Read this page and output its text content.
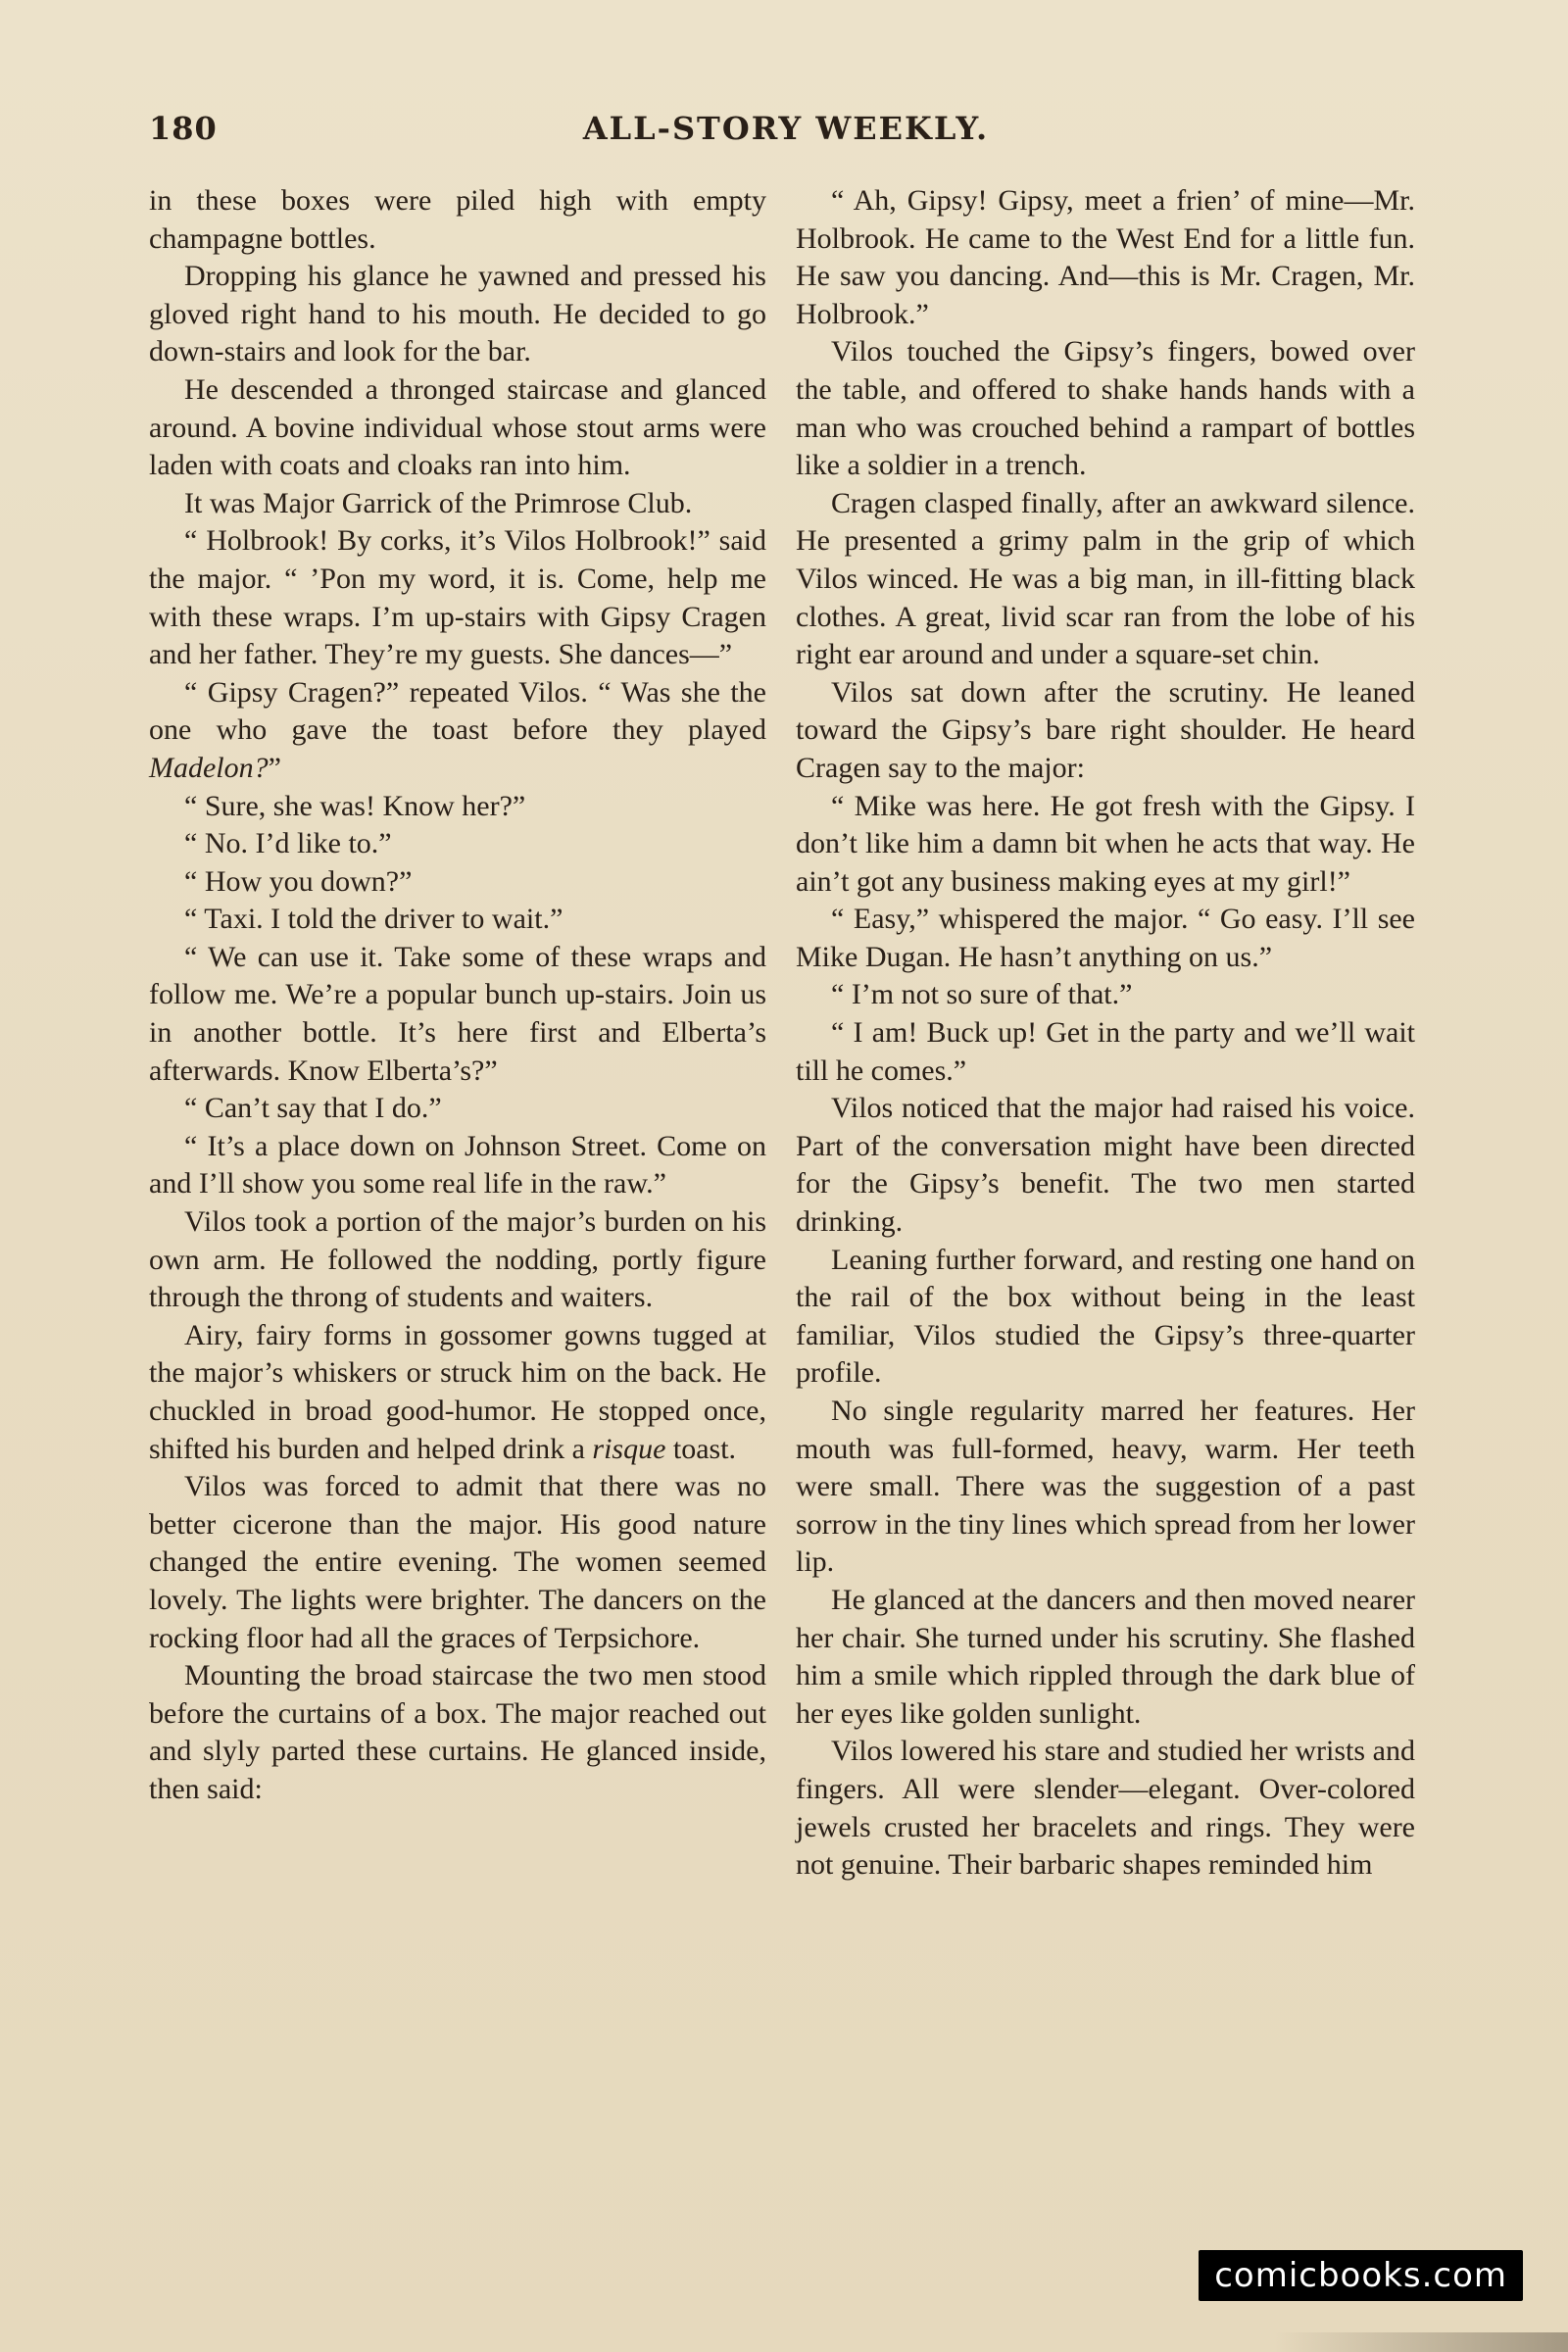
180	ALL-STORY WEEKLY.

in these boxes were piled high with empty champagne bottles.

Dropping his glance he yawned and pressed his gloved right hand to his mouth. He decided to go down-stairs and look for the bar.

He descended a thronged staircase and glanced around. A bovine individual whose stout arms were laden with coats and cloaks ran into him.

It was Major Garrick of the Primrose Club.

“ Holbrook! By corks, it’s Vilos Holbrook!” said the major. “ ’Pon my word, it is. Come, help me with these wraps. I’m up-stairs with Gipsy Cragen and her father. They’re my guests. She dances—”

“ Gipsy Cragen?” repeated Vilos. “ Was she the one who gave the toast before they played Madelon?”

“ Sure, she was! Know her?”

“ No. I’d like to.”

“ How you down?”

“ Taxi. I told the driver to wait.”

“ We can use it. Take some of these wraps and follow me. We’re a popular bunch up-stairs. Join us in another bottle. It’s here first and Elberta’s afterwards. Know Elberta’s?”

“ Can’t say that I do.”

“ It’s a place down on Johnson Street. Come on and I’ll show you some real life in the raw.”

Vilos took a portion of the major’s burden on his own arm. He followed the nodding, portly figure through the throng of students and waiters.

Airy, fairy forms in gossomer gowns tugged at the major’s whiskers or struck him on the back. He chuckled in broad good-humor. He stopped once, shifted his burden and helped drink a risque toast.

Vilos was forced to admit that there was no better cicerone than the major. His good nature changed the entire evening. The women seemed lovely. The lights were brighter. The dancers on the rocking floor had all the graces of Terpsichore.

Mounting the broad staircase the two men stood before the curtains of a box. The major reached out and slyly parted these curtains. He glanced inside, then said:

“ Ah, Gipsy! Gipsy, meet a frien’ of mine—Mr. Holbrook. He came to the West End for a little fun. He saw you dancing. And—this is Mr. Cragen, Mr. Holbrook.”

Vilos touched the Gipsy’s fingers, bowed over the table, and offered to shake hands hands with a man who was crouched behind a rampart of bottles like a soldier in a trench.

Cragen clasped finally, after an awkward silence. He presented a grimy palm in the grip of which Vilos winced. He was a big man, in ill-fitting black clothes. A great, livid scar ran from the lobe of his right ear around and under a square-set chin.

Vilos sat down after the scrutiny. He leaned toward the Gipsy’s bare right shoulder. He heard Cragen say to the major:

“ Mike was here. He got fresh with the Gipsy. I don’t like him a damn bit when he acts that way. He ain’t got any business making eyes at my girl!”

“ Easy,” whispered the major. “ Go easy. I’ll see Mike Dugan. He hasn’t anything on us.”

“ I’m not so sure of that.”

“ I am! Buck up! Get in the party and we’ll wait till he comes.”

Vilos noticed that the major had raised his voice. Part of the conversation might have been directed for the Gipsy’s benefit. The two men started drinking.

Leaning further forward, and resting one hand on the rail of the box without being in the least familiar, Vilos studied the Gipsy’s three-quarter profile.

No single regularity marred her features. Her mouth was full-formed, heavy, warm. Her teeth were small. There was the suggestion of a past sorrow in the tiny lines which spread from her lower lip.

He glanced at the dancers and then moved nearer her chair. She turned under his scrutiny. She flashed him a smile which rippled through the dark blue of her eyes like golden sunlight.

Vilos lowered his stare and studied her wrists and fingers. All were slender—elegant. Over-colored jewels crusted her bracelets and rings. They were not genuine. Their barbaric shapes reminded him

comicbooks.com
